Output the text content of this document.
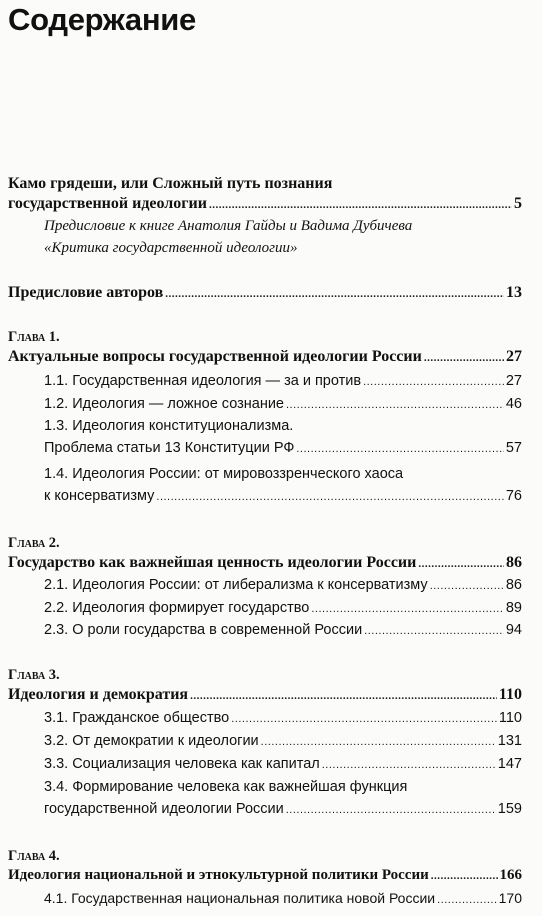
Содержание
Камо грядеши, или Сложный путь познания
государственной идеологии .....	5
Предисловие к книге Анатолия Гайды и Вадима Дубичева
«Критика государственной идеологии»
Предисловие авторов .....	13
Глава 1.
Актуальные вопросы государственной идеологии России .....	27
1.1. Государственная идеология — за и против .....	27
1.2. Идеология — ложное сознание .....	46
1.3. Идеология конституционализма.
Проблема статьи 13 Конституции РФ .....	57
1.4. Идеология России: от мировоззренческого хаоса
к консерватизму .....	76
Глава 2.
Государство как важнейшая ценность идеологии России .....	86
2.1. Идеология России: от либерализма к консерватизму .....	86
2.2. Идеология формирует государство .....	89
2.3. О роли государства в современной России .....	94
Глава 3.
Идеология и демократия .....	110
3.1. Гражданское общество .....	110
3.2. От демократии к идеологии .....	131
3.3. Социализация человека как капитал .....	147
3.4. Формирование человека как важнейшая функция
государственной идеологии России .....	159
Глава 4.
Идеология национальной и этнокультурной политики России .....	166
4.1. Государственная национальная политика новой России .....	170
